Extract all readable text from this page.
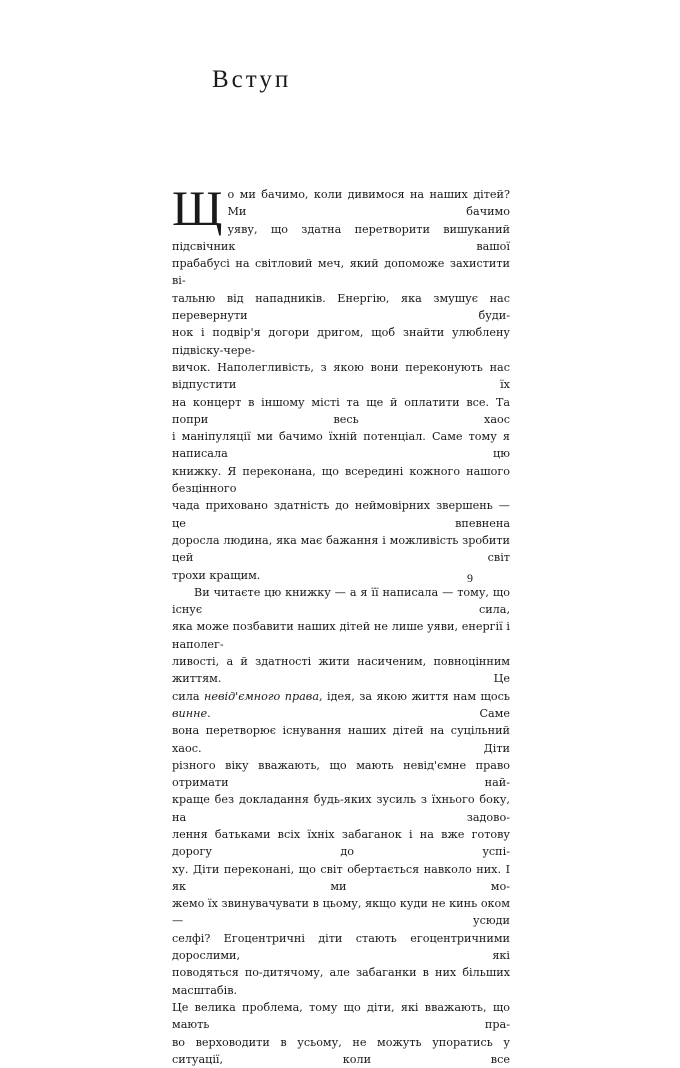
Вступ

Щ о ми бачимо, коли дивимося на наших дітей? Ми бачимо
уяву, що здатна перетворити вишуканий підсвічник вашої
прабабусі на світловий меч, який допоможе захистити ві-
тальню від нападників. Енергію, яка змушує нас перевернути буди-
нок і подвір'я догори дригом, щоб знайти улюблену підвіску-чере-
вичок. Наполегливість, з якою вони переконують нас відпустити їх
на концерт в іншому місті та ще й оплатити все. Та попри весь хаос
і маніпуляції ми бачимо їхній потенціал. Саме тому я написала цю
книжку. Я переконана, що всередині кожного нашого безцінного
чада приховано здатність до неймовірних звершень — це впевнена
доросла людина, яка має бажання і можливість зробити цей світ
трохи кращим.

Ви читаєте цю книжку — а я її написала — тому, що існує сила,
яка може позбавити наших дітей не лише уяви, енергії і наполег-
ливості, а й здатності жити насиченим, повноцінним життям. Це
сила невід'ємного права, ідея, за якою життя нам щось винне. Саме
вона перетворює існування наших дітей на суцільний хаос. Діти
різного віку вважають, що мають невід'ємне право отримати най-
краще без докладання будь-яких зусиль з їхнього боку, на задово-
лення батьками всіх їхніх забаганок і на вже готову дорогу до успі-
ху. Діти переконані, що світ обертається навколо них. І як ми мо-
жемо їх звинувачувати в цьому, якщо куди не кинь оком — усюди
селфі? Егоцентричні діти стають егоцентричними дорослими, які
поводяться по-дитячому, але забаганки в них більших масштабів.
Це велика проблема, тому що діти, які вважають, що мають пра-
во верховодити в усьому, не можуть упоратись у ситуації, коли все

9
